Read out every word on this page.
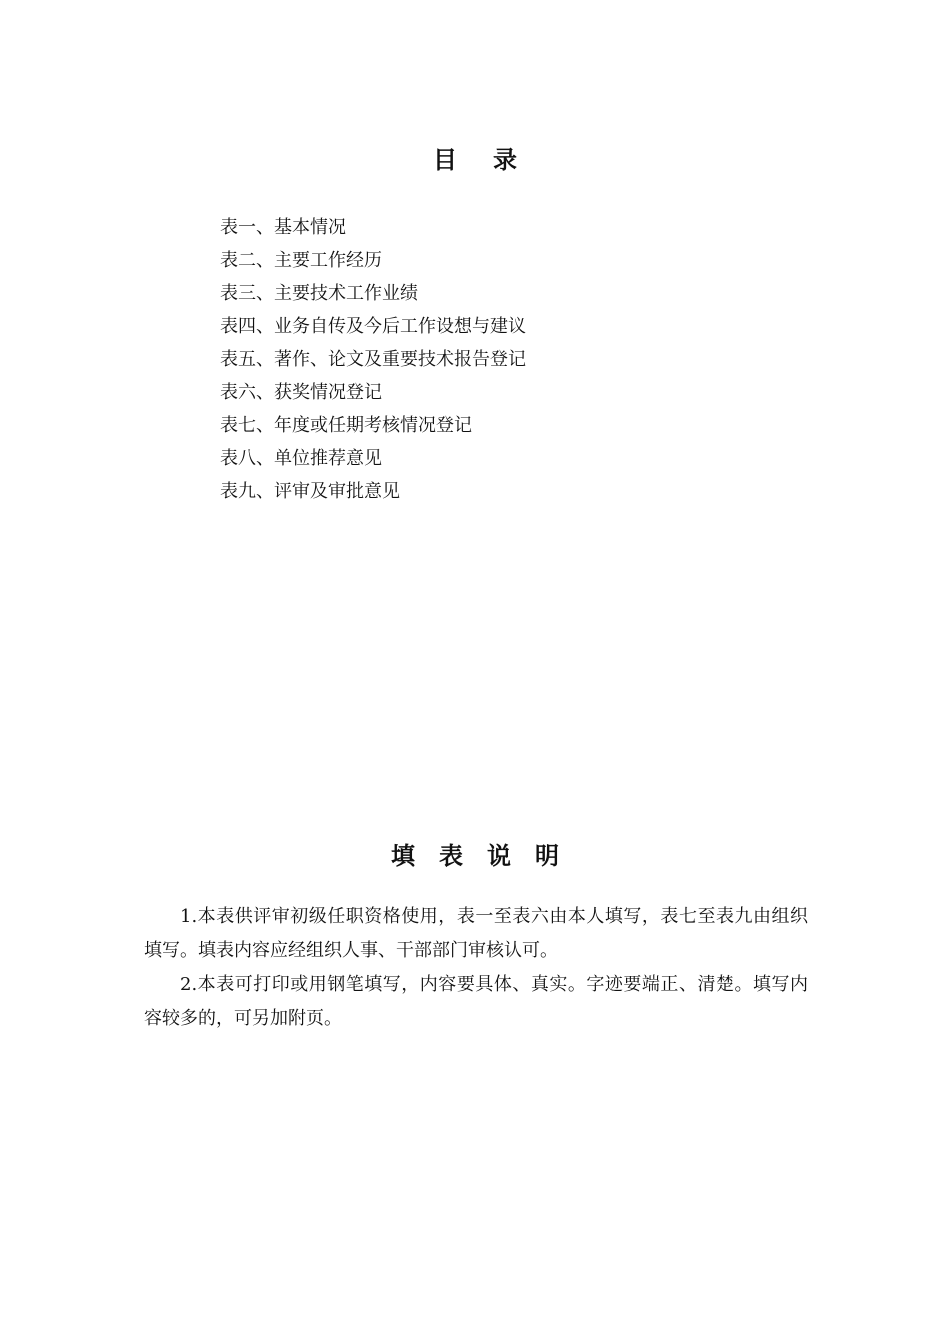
目录
表一、基本情况
表二、主要工作经历
表三、主要技术工作业绩
表四、业务自传及今后工作设想与建议
表五、著作、论文及重要技术报告登记
表六、获奖情况登记
表七、年度或任期考核情况登记
表八、单位推荐意见
表九、评审及审批意见
填表说明

1.本表供评审初级任职资格使用，表一至表六由本人填写，表七至表九由组织填写。填表内容应经组织人事、干部部门审核认可。

2.本表可打印或用钢笔填写，内容要具体、真实。字迹要端正、清楚。填写内容较多的，可另加附页。
